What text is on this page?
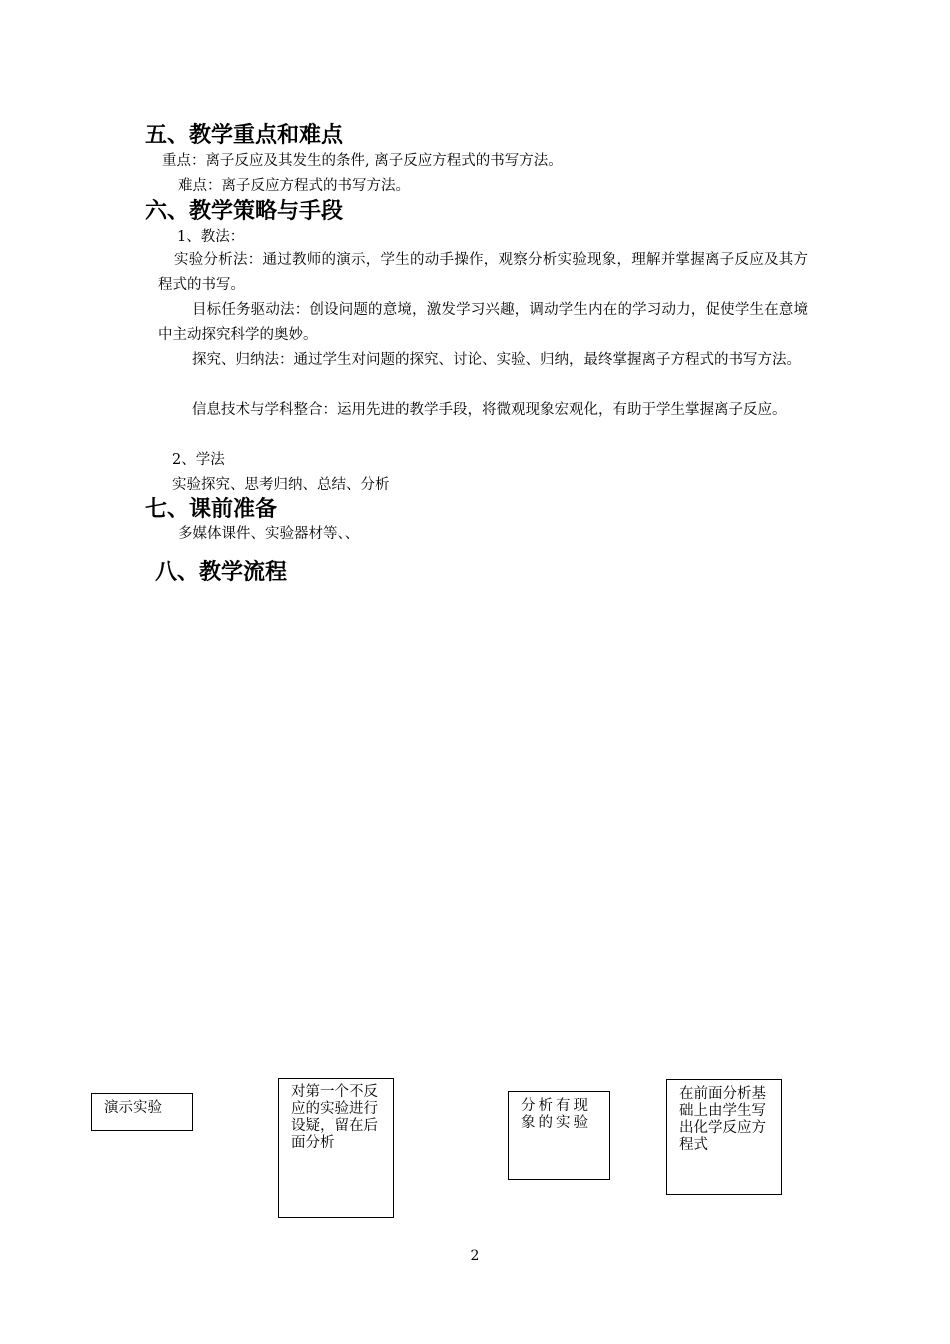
五、教学重点和难点
重点：离子反应及其发生的条件, 离子反应方程式的书写方法。
难点：离子反应方程式的书写方法。
六、教学策略与手段
1、教法：
实验分析法：通过教师的演示，学生的动手操作，观察分析实验现象，理解并掌握离子反应及其方程式的书写。
目标任务驱动法：创设问题的意境，激发学习兴趣，调动学生内在的学习动力，促使学生在意境中主动探究科学的奥妙。
探究、归纳法：通过学生对问题的探究、讨论、实验、归纳，最终掌握离子方程式的书写方法。
信息技术与学科整合：运用先进的教学手段，将微观现象宏观化，有助于学生掌握离子反应。
2、学法
实验探究、思考归纳、总结、分析
七、课前准备
多媒体课件、实验器材等、、
八、教学流程
演示实验
对第一个不反应的实验进行设疑，留在后面分析
分析有现象的实验
在前面分析基础上由学生写出化学反应方程式
2
